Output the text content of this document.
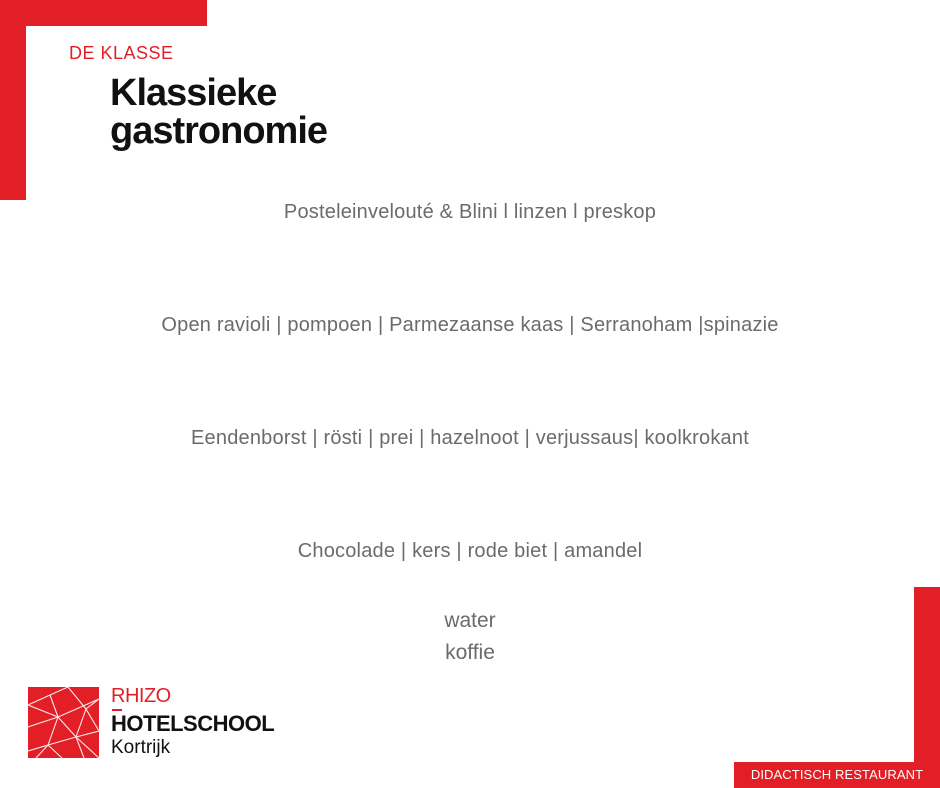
DE KLASSE
Klassieke
gastronomie
Posteleinvelouté & Blini l linzen l preskop
Open ravioli | pompoen | Parmezaanse kaas | Serranoham |spinazie
Eendenborst | rösti | prei | hazelnoot | verjussaus| koolkrokant
Chocolade | kers | rode biet | amandel
water
koffie
RHIZO
HOTELSCHOOL
Kortrijk
DIDACTISCH RESTAURANT
